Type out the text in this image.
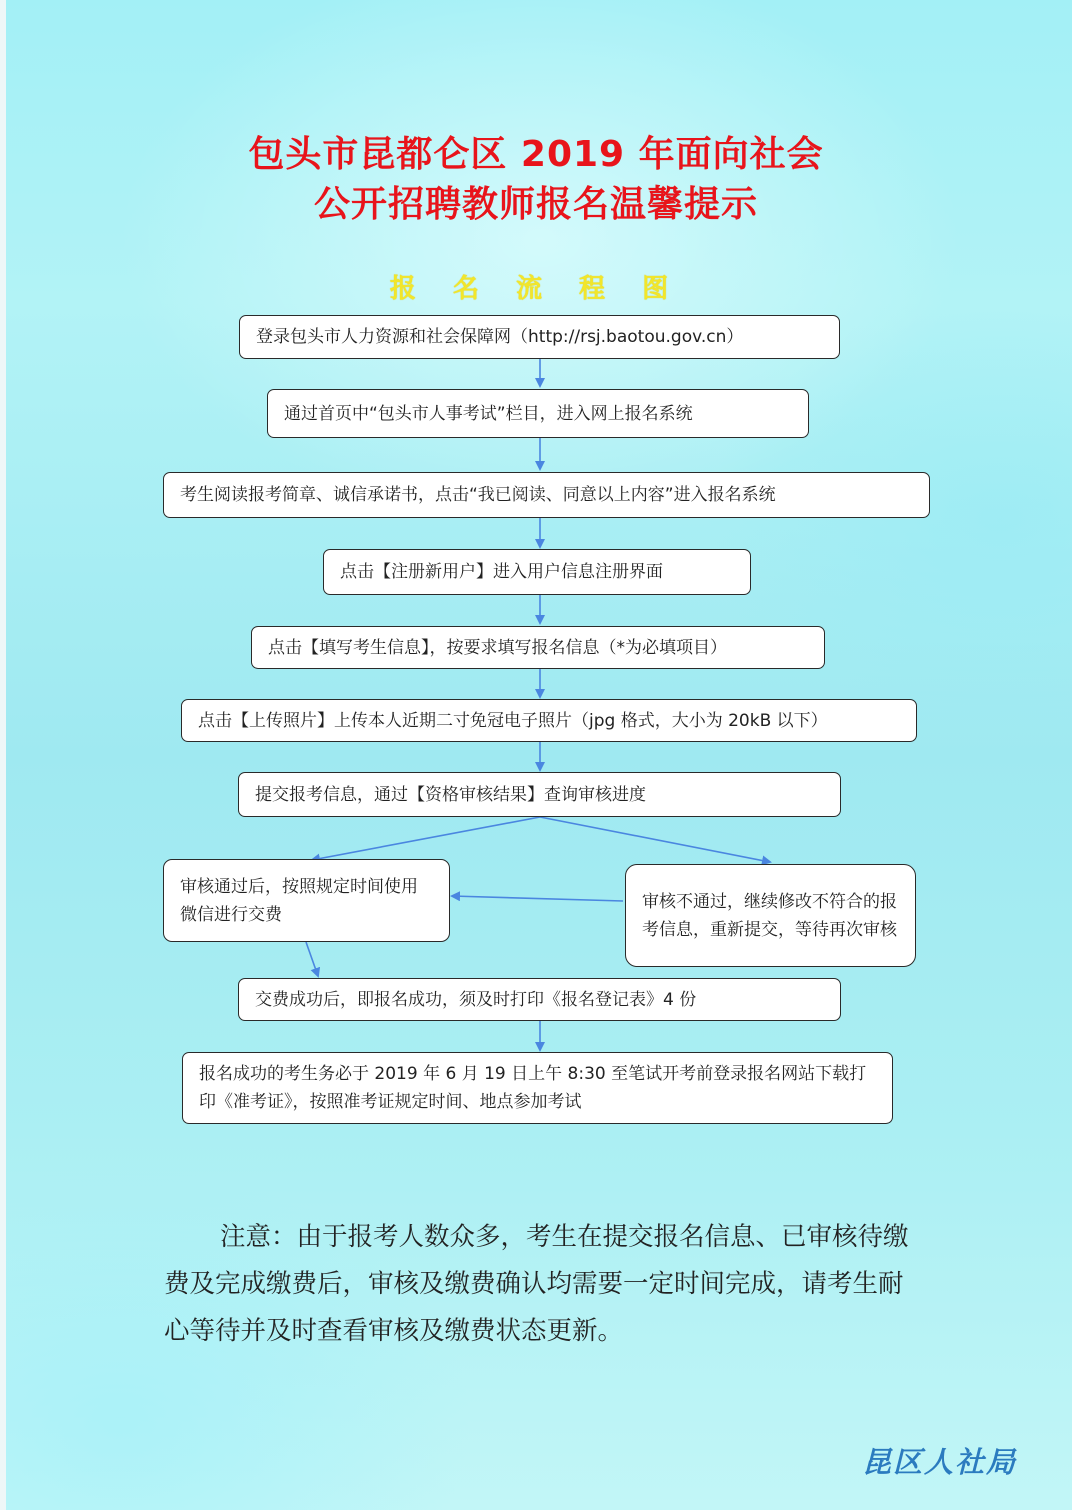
包头市昆都仑区 2019 年面向社会
公开招聘教师报名温馨提示
报 名 流 程 图
登录包头市人力资源和社会保障网（http://rsj.baotou.gov.cn）
通过首页中“包头市人事考试”栏目，进入网上报名系统
考生阅读报考简章、诚信承诺书，点击“我已阅读、同意以上内容”进入报名系统
点击【注册新用户】进入用户信息注册界面
点击【填写考生信息】，按要求填写报名信息（*为必填项目）
点击【上传照片】上传本人近期二寸免冠电子照片（jpg 格式，大小为 20kB 以下）
提交报考信息，通过【资格审核结果】查询审核进度
审核通过后，按照规定时间使用微信进行交费
审核不通过，继续修改不符合的报考信息，重新提交，等待再次审核
交费成功后，即报名成功，须及时打印《报名登记表》4 份
报名成功的考生务必于 2019 年 6 月 19 日上午 8:30 至笔试开考前登录报名网站下载打印《准考证》，按照准考证规定时间、地点参加考试
注意：由于报考人数众多，考生在提交报名信息、已审核待缴费及完成缴费后，审核及缴费确认均需要一定时间完成，请考生耐心等待并及时查看审核及缴费状态更新。
昆区人社局
